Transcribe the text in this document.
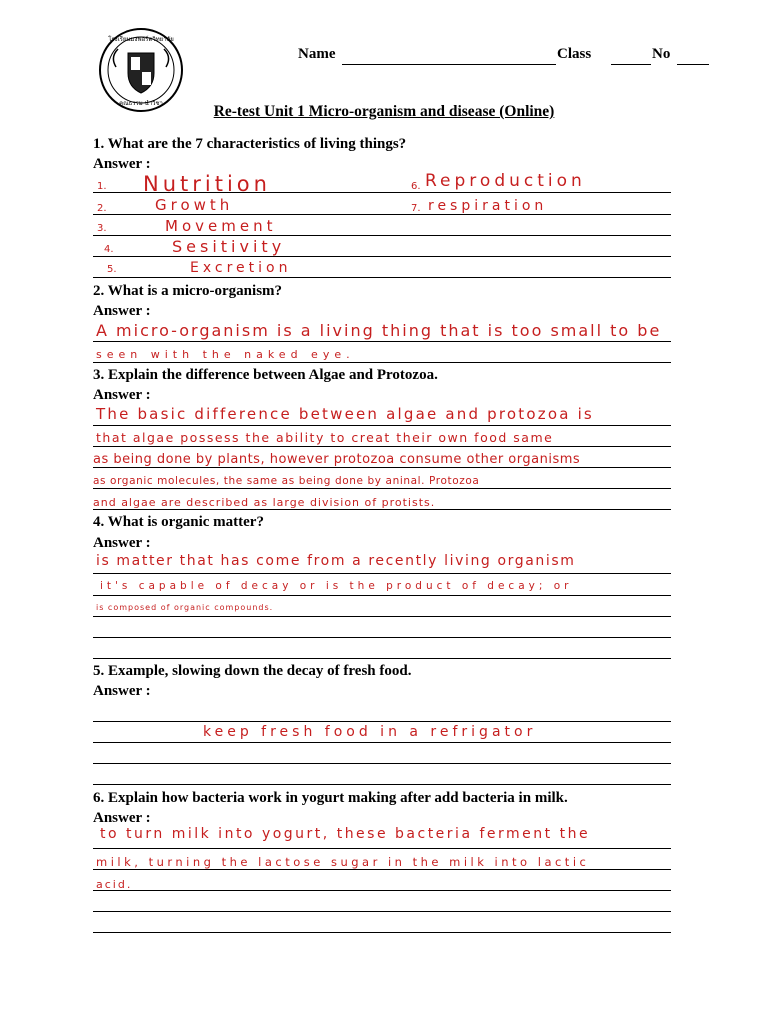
โรงเรียนมงฟอร์ตวิทยาลัย
คุณธรรม นำวิชา
Name	Class	No
Re-test Unit 1 Micro-organism and disease (Online)
1. What are the 7 characteristics of living things?
Answer :
1. Nutrition
2.	Growth
3.	Movement
4.	Sesitivity
5.	Excretion
6. Reproduction
7. respiration
2. What is a micro-organism?
Answer :
A micro-organism is a living thing that is too small to be
seen with the naked eye.
3. Explain the difference between Algae and Protozoa.
Answer :
The basic difference between algae and protozoa is
that algae possess the ability to creat their own food same
as being done by plants, however protozoa consume other organisms
as organic molecules, the same as being done by aninal. Protozoa
and algae are described as large division of protists.
4. What is organic matter?
Answer :
is matter that has come from a recently living organism
it's capable of decay or is the product of decay; or
is composed of organic compounds.
5. Example, slowing down the decay of fresh food.
Answer :
keep fresh food in a refrigator
6. Explain how bacteria work in yogurt making after add bacteria in milk.
Answer :
to turn milk into yogurt, these bacteria ferment the
milk, turning the lactose sugar in the milk into lactic
acid.
